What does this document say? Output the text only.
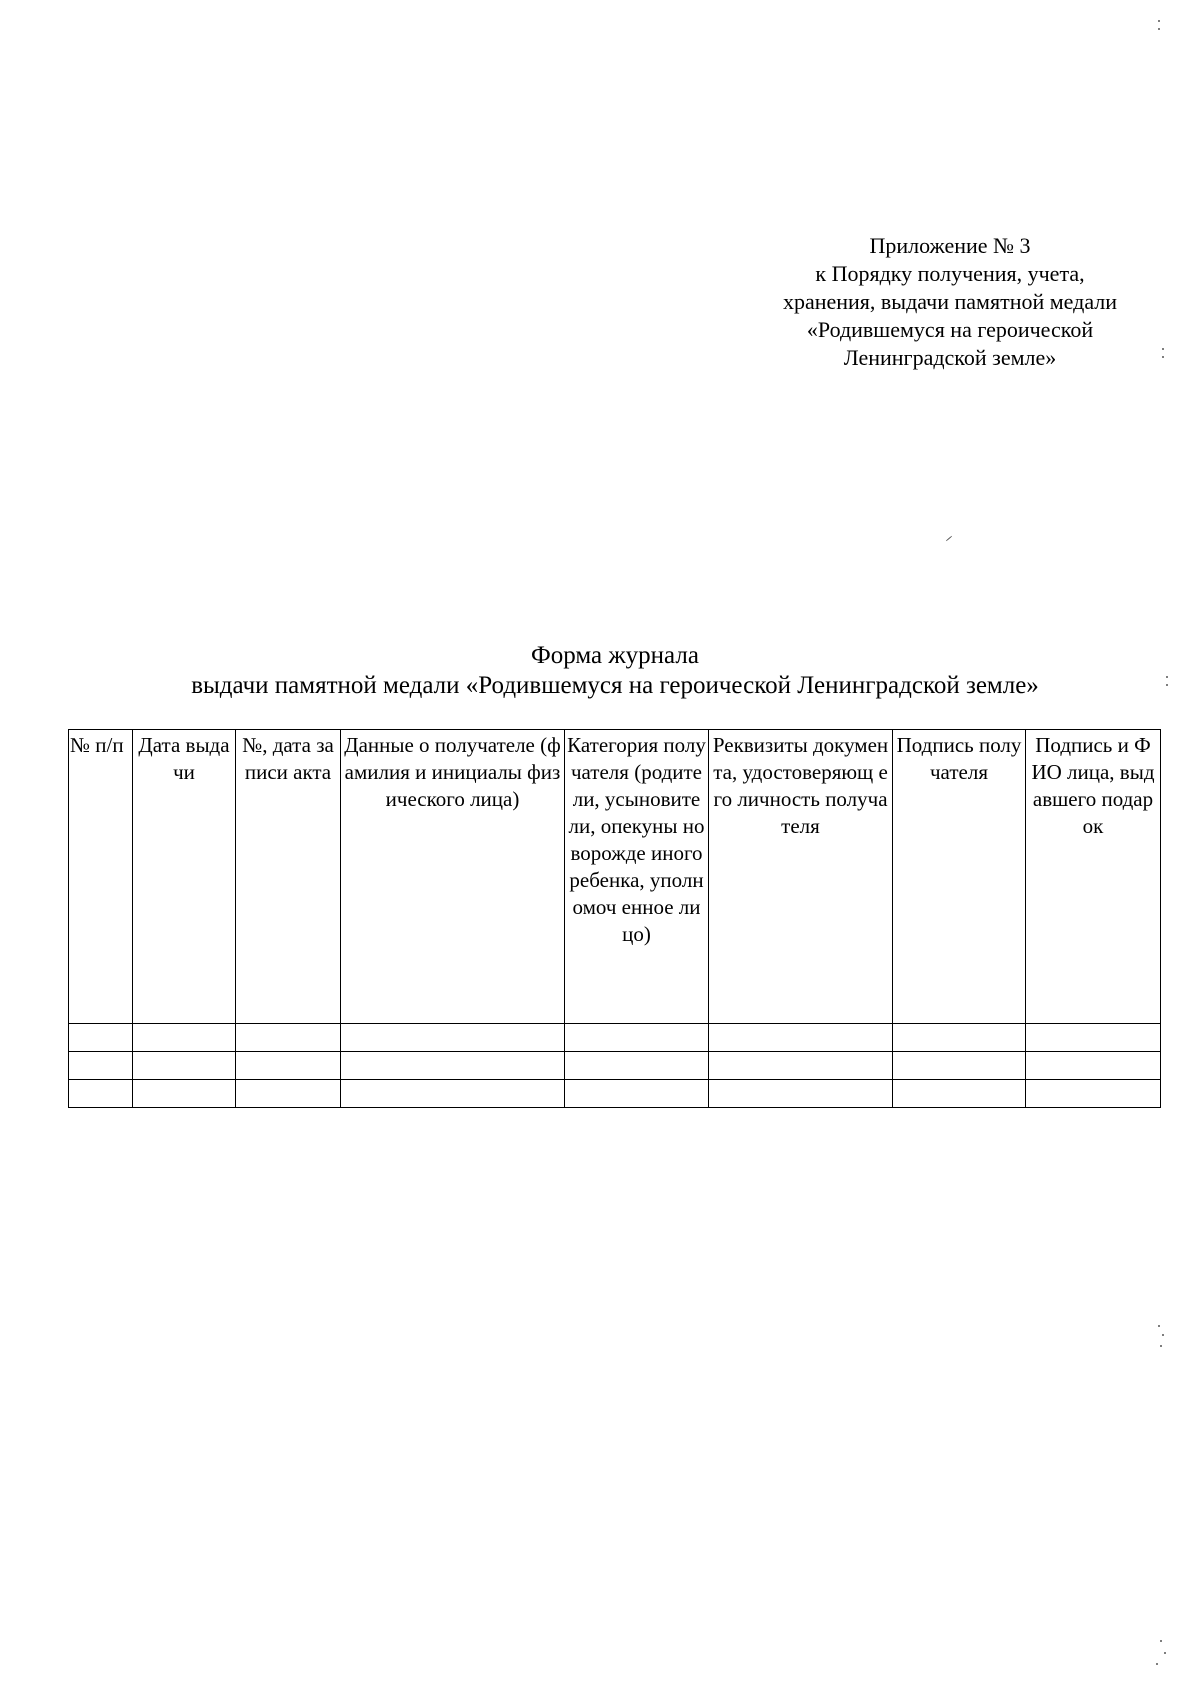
Приложение № 3
к Порядку получения, учета,
хранения, выдачи памятной медали
«Родившемуся на героической
Ленинградской земле»
Форма журнала
выдачи памятной медали «Родившемуся на героической Ленинградской земле»
№ п/п	Дата выдачи	№, дата записи акта	Данные о получателе (фамилия и инициалы физического лица)	Категория получателя (родители, усыновите ли, опекуны новорожде иного ребенка, уполномоч енное лицо)	Реквизиты документа, удостоверяющ его личность получателя	Подпись получателя	Подпись и ФИО лица, выдавшего подарок
